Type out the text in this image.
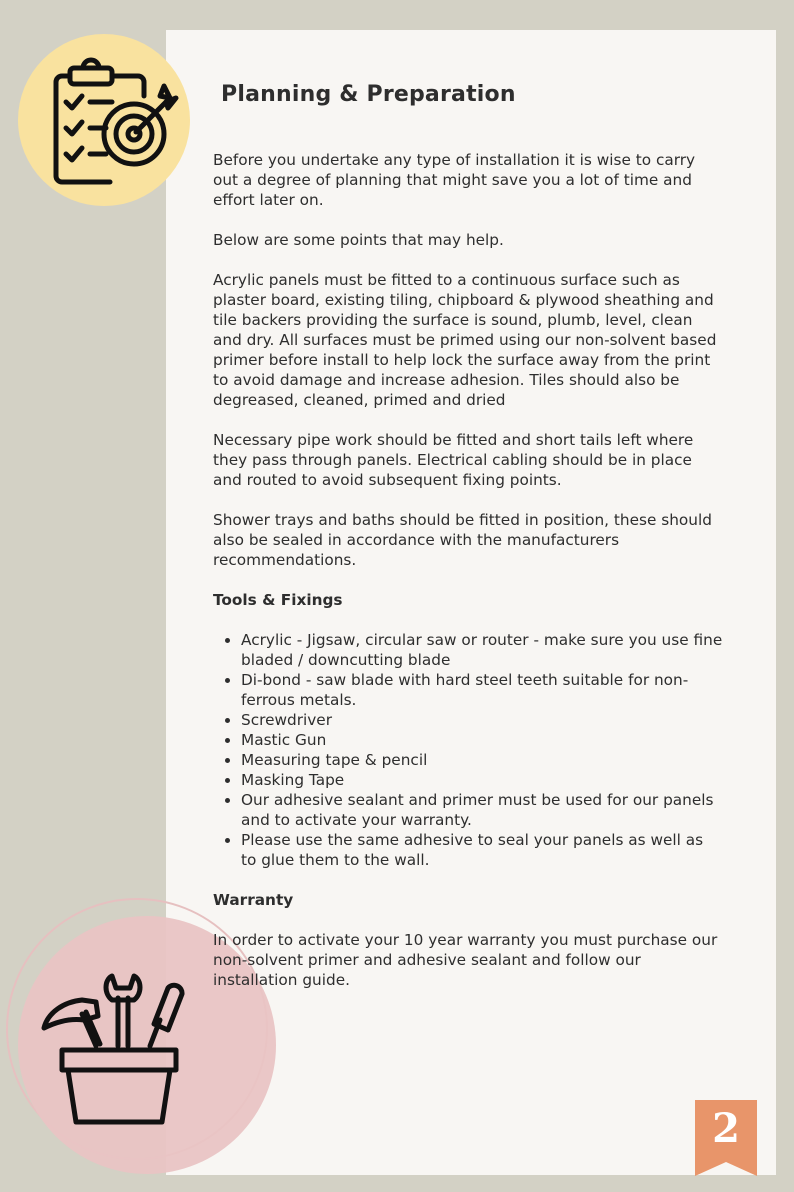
Planning & Preparation

Before you undertake any type of installation it is wise to carry out a degree of planning that might save you a lot of time and effort later on.

Below are some points that may help.

Acrylic panels must be fitted to a continuous surface such as plaster board, existing tiling, chipboard & plywood sheathing and tile backers providing the surface is sound, plumb, level, clean and dry. All surfaces must be primed using our non-solvent based primer before install to help lock the surface away from the print to avoid damage and increase adhesion. Tiles should also be degreased, cleaned, primed and dried

Necessary pipe work should be fitted and short tails left where they pass through panels. Electrical cabling should be in place and routed to avoid subsequent fixing points.

Shower trays and baths should be fitted in position, these should also be sealed in accordance with the manufacturers recommendations.

Tools & Fixings
• Acrylic - Jigsaw, circular saw or router - make sure you use fine bladed / downcutting blade
• Di-bond - saw blade with hard steel teeth suitable for non-ferrous metals.
• Screwdriver
• Mastic Gun
• Measuring tape & pencil
• Masking Tape
• Our adhesive sealant and primer must be used for our panels and to activate your warranty.
• Please use the same adhesive to seal your panels as well as to glue them to the wall.
Warranty

In order to activate your 10 year warranty you must purchase our non-solvent primer and adhesive sealant and follow our installation guide.

2
